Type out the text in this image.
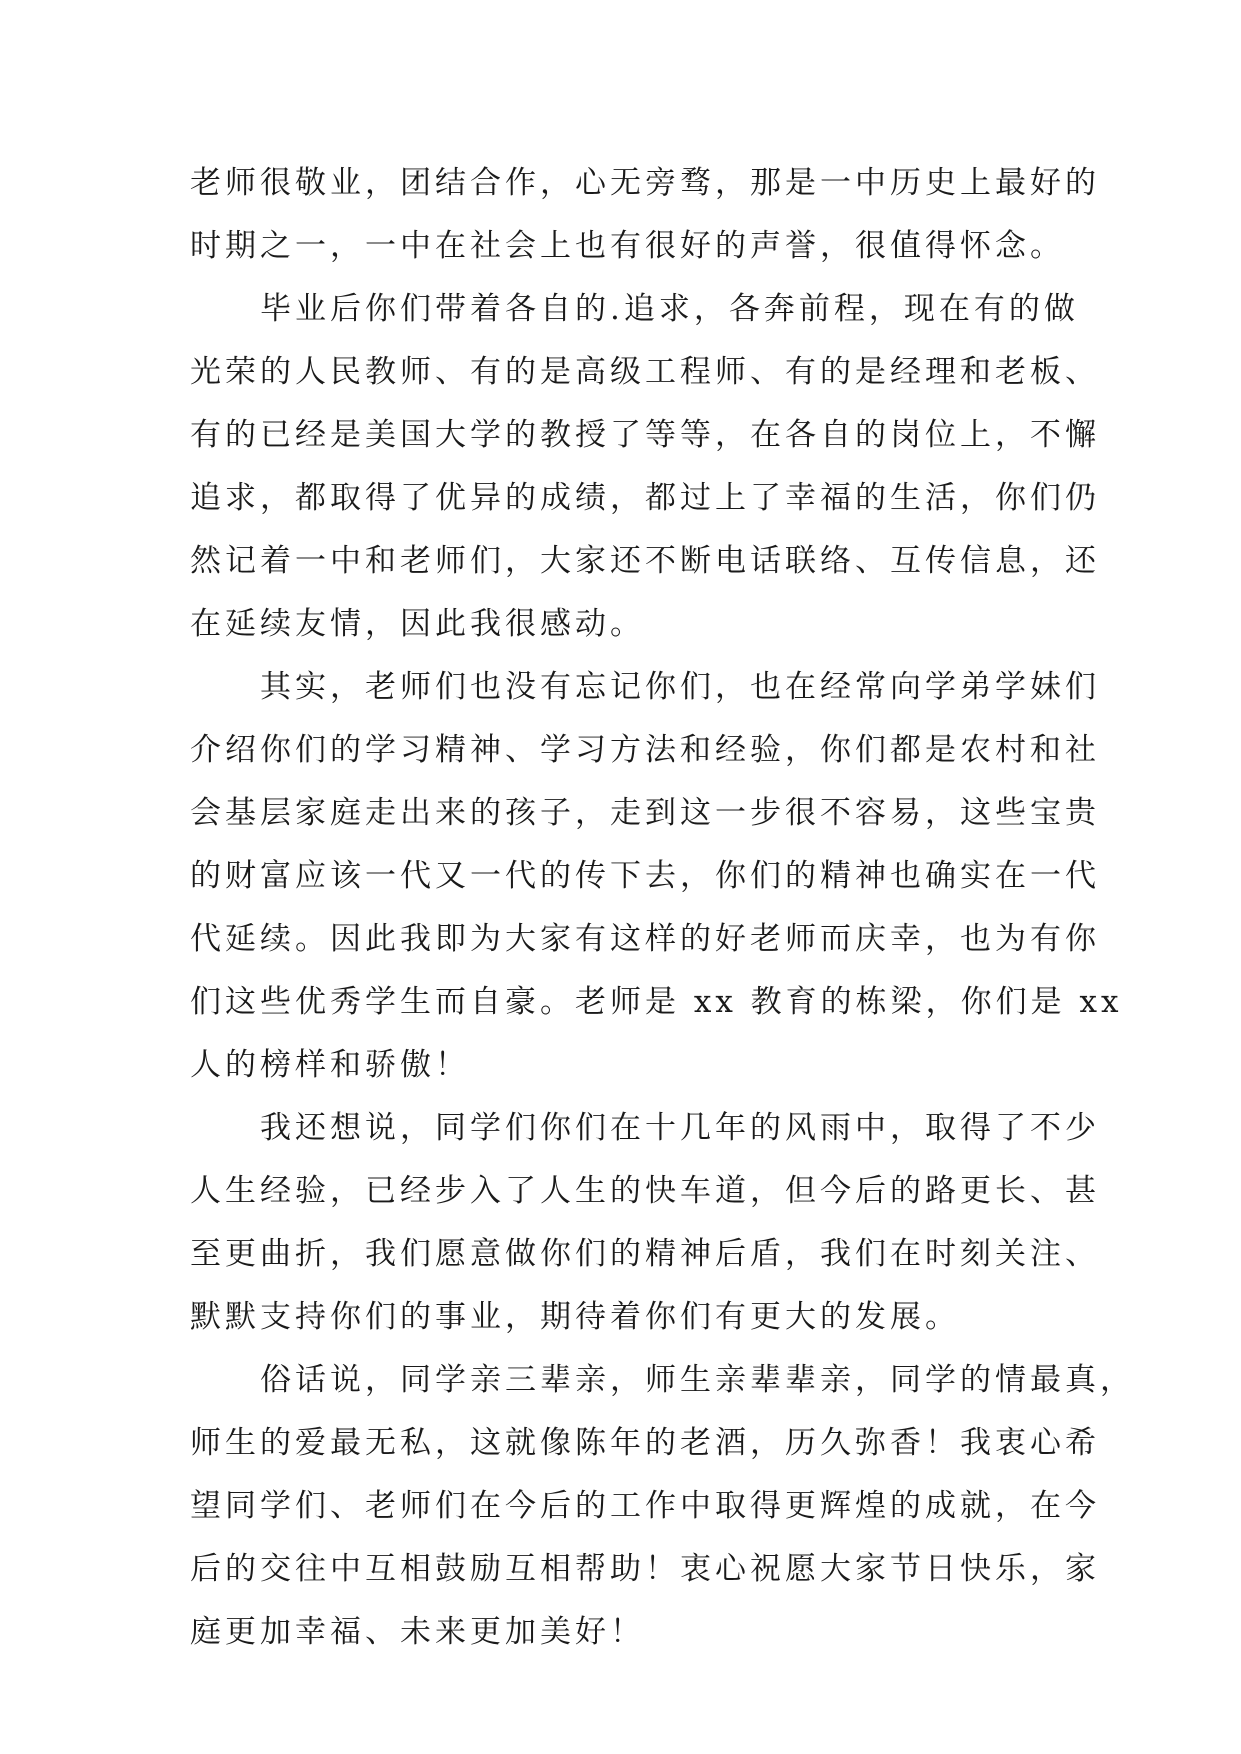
老师很敬业，团结合作，心无旁骛，那是一中历史上最好的
时期之一，一中在社会上也有很好的声誉，很值得怀念。
　　毕业后你们带着各自的.追求，各奔前程，现在有的做
光荣的人民教师、有的是高级工程师、有的是经理和老板、
有的已经是美国大学的教授了等等，在各自的岗位上，不懈
追求，都取得了优异的成绩，都过上了幸福的生活，你们仍
然记着一中和老师们，大家还不断电话联络、互传信息，还
在延续友情，因此我很感动。
　　其实，老师们也没有忘记你们，也在经常向学弟学妹们
介绍你们的学习精神、学习方法和经验，你们都是农村和社
会基层家庭走出来的孩子，走到这一步很不容易，这些宝贵
的财富应该一代又一代的传下去，你们的精神也确实在一代
代延续。因此我即为大家有这样的好老师而庆幸，也为有你
们这些优秀学生而自豪。老师是 xx 教育的栋梁，你们是 xx
人的榜样和骄傲！
　　我还想说，同学们你们在十几年的风雨中，取得了不少
人生经验，已经步入了人生的快车道，但今后的路更长、甚
至更曲折，我们愿意做你们的精神后盾，我们在时刻关注、
默默支持你们的事业，期待着你们有更大的发展。
　　俗话说，同学亲三辈亲，师生亲辈辈亲，同学的情最真，
师生的爱最无私，这就像陈年的老酒，历久弥香！我衷心希
望同学们、老师们在今后的工作中取得更辉煌的成就，在今
后的交往中互相鼓励互相帮助！衷心祝愿大家节日快乐，家
庭更加幸福、未来更加美好！
